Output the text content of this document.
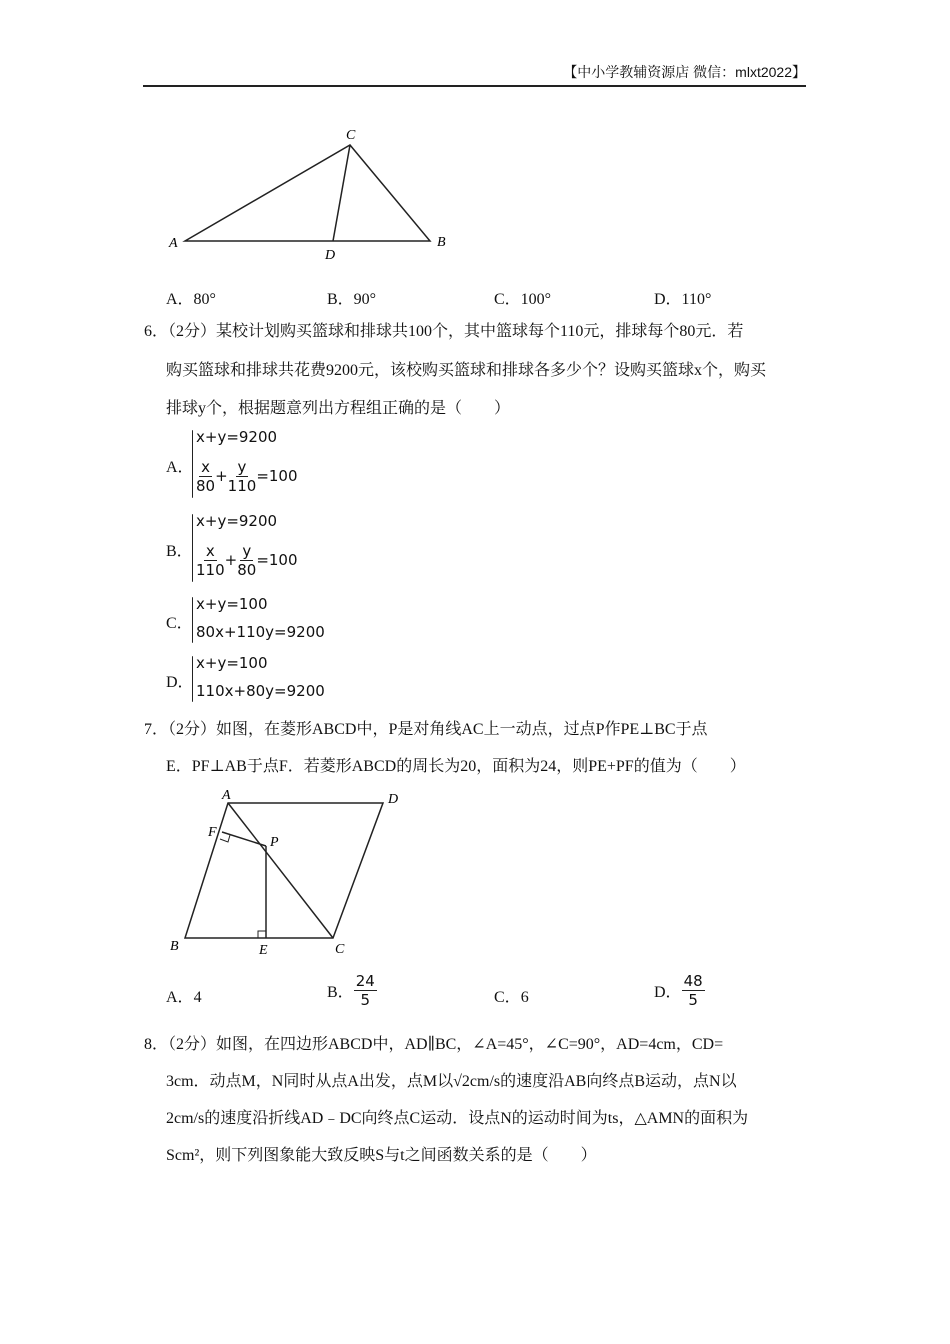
【中小学教辅资源店 微信：mlxt2022】
A	B
C
D
A．80°	B．90°	C．100°	D．110°
6．（2分）某校计划购买篮球和排球共100个，其中篮球每个110元，排球每个80元．若
购买篮球和排球共花费9200元，该校购买篮球和排球各多少个？设购买篮球x个，购买
排球y个，根据题意列出方程组正确的是（　　）
A．
x+y=9200
$\frac{x}{80} + \frac{y}{110} =100$
B．
x+y=9200
$\frac{x}{110} + \frac{y}{80} =100$
C．
x+y=100
80x+110y=9200
D．
x+y=100
110x+80y=9200
7．（2分）如图，在菱形ABCD中，P是对角线AC上一动点，过点P作PE⊥BC于点
E．PF⊥AB于点F．若菱形ABCD的周长为20，面积为24，则PE+PF的值为（　　）
A
B	C
D
P
E
F
A．4	B． $\frac{24}{5}$	C．6	D． $\frac{48}{5}$
8．（2分）如图，在四边形ABCD中，AD∥BC，∠A=45°，∠C=90°，AD=4cm，CD=
3cm．动点M，N同时从点A出发，点M以√2cm/s的速度沿AB向终点B运动，点N以
2cm/s的速度沿折线AD﹣DC向终点C运动．设点N的运动时间为ts，△AMN的面积为
Scm²，则下列图象能大致反映S与t之间函数关系的是（　　）
